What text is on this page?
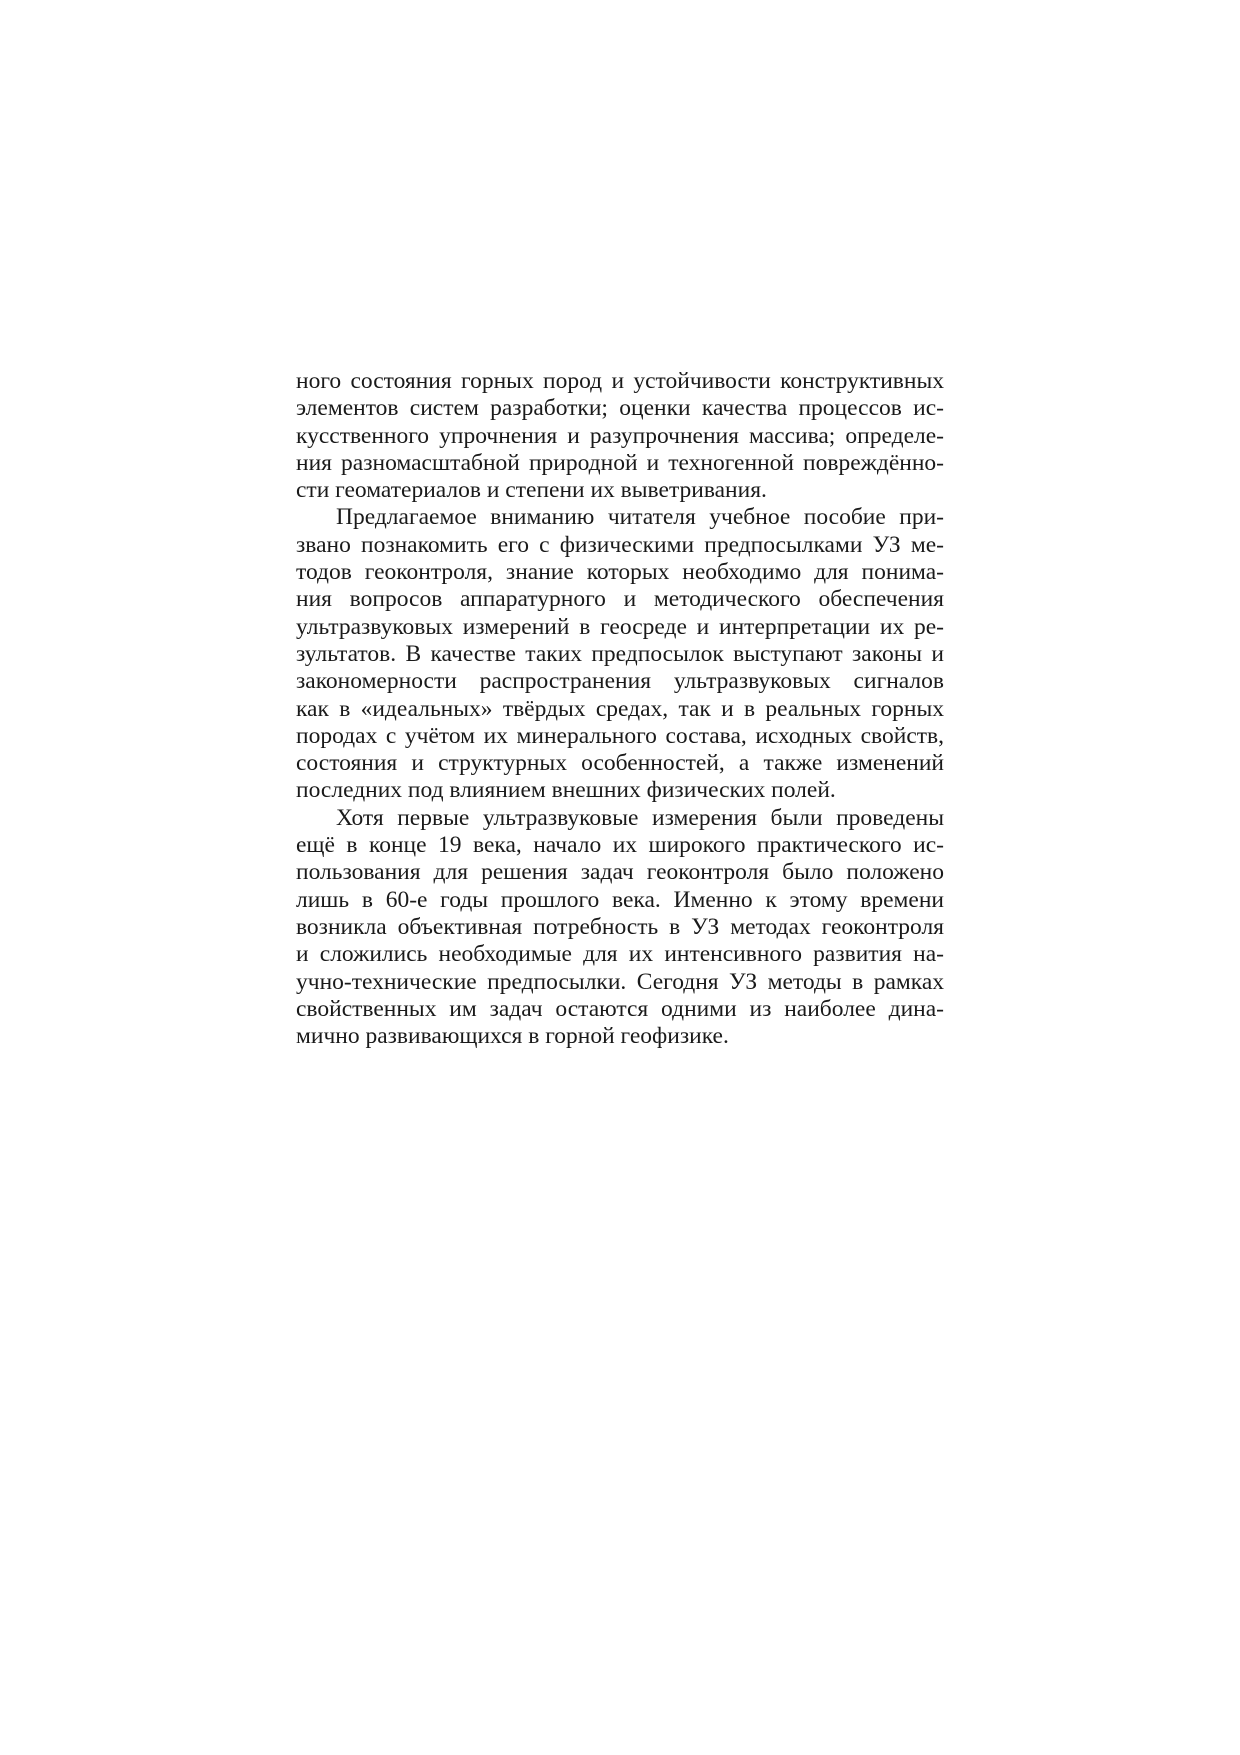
ного состояния горных пород и устойчивости конструктивных
элементов систем разработки; оценки качества процессов ис-
кусственного упрочнения и разупрочнения массива; определе-
ния разномасштабной природной и техногенной повреждённо-
сти геоматериалов и степени их выветривания.
Предлагаемое вниманию читателя учебное пособие при-
звано познакомить его с физическими предпосылками УЗ ме-
тодов геоконтроля, знание которых необходимо для понима-
ния вопросов аппаратурного и методического обеспечения
ультразвуковых измерений в геосреде и интерпретации их ре-
зультатов. В качестве таких предпосылок выступают законы и
закономерности распространения ультразвуковых сигналов
как в «идеальных» твёрдых средах, так и в реальных горных
породах с учётом их минерального состава, исходных свойств,
состояния и структурных особенностей, а также изменений
последних под влиянием внешних физических полей.
Хотя первые ультразвуковые измерения были проведены
ещё в конце 19 века, начало их широкого практического ис-
пользования для решения задач геоконтроля было положено
лишь в 60-е годы прошлого века. Именно к этому времени
возникла объективная потребность в УЗ методах геоконтроля
и сложились необходимые для их интенсивного развития на-
учно-технические предпосылки. Сегодня УЗ методы в рамках
свойственных им задач остаются одними из наиболее дина-
мично развивающихся в горной геофизике.
